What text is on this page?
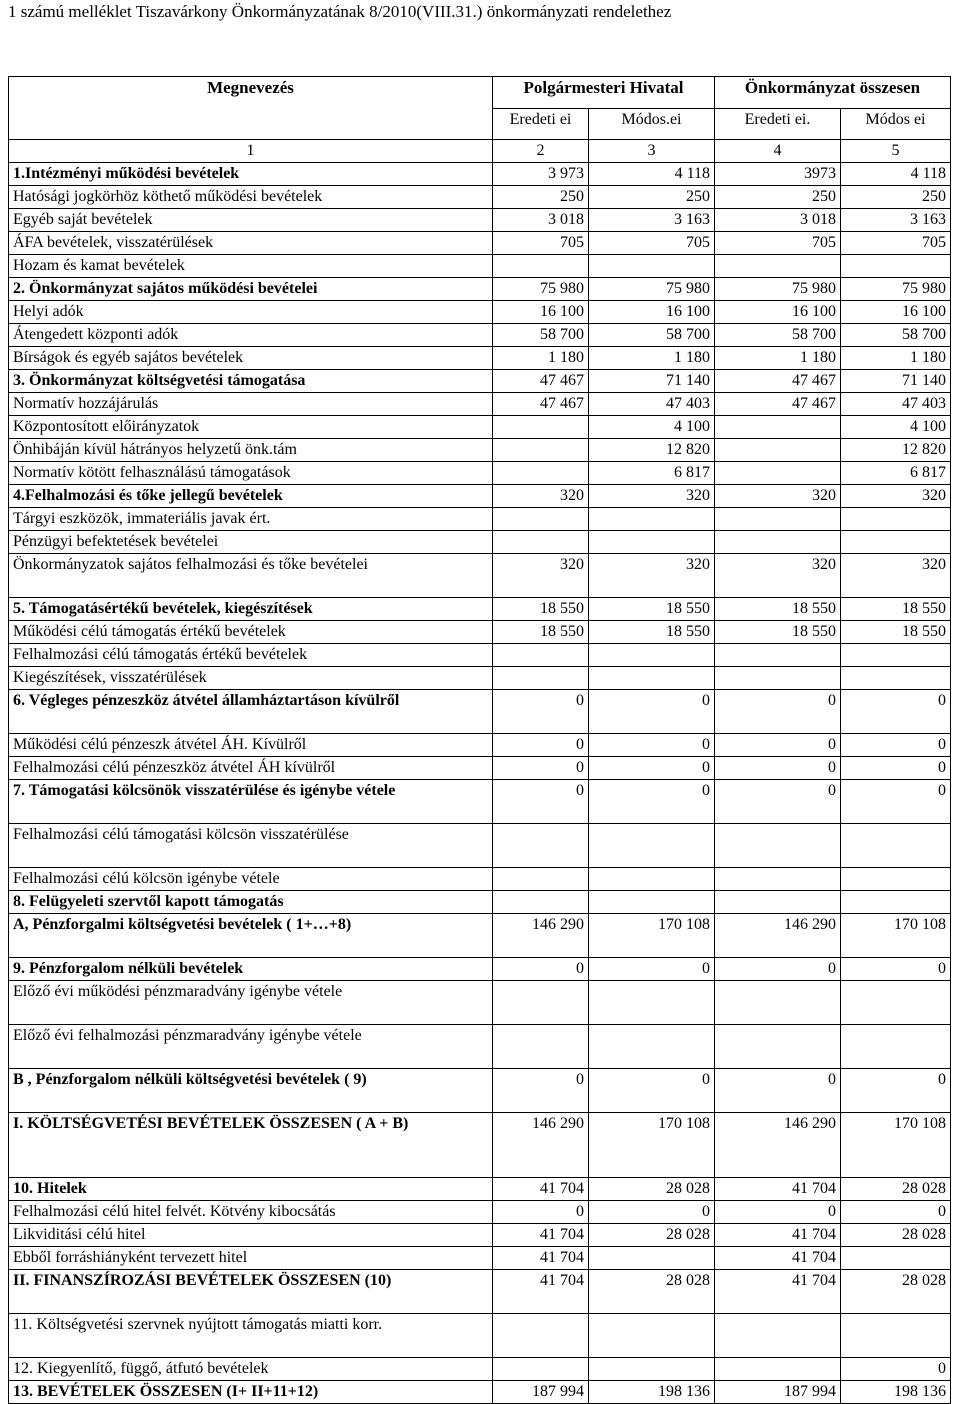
1 számú melléklet Tiszavárkony Önkormányzatának 8/2010(VIII.31.) önkormányzati rendelethez
Megnevezés	Polgármesteri Hivatal		Önkormányzat összesen	
	Eredeti ei	Módos.ei	Eredeti ei.	Módos ei
1	2	3	4	5
1.Intézményi működési bevételek	3 973	4 118	3973	4 118
Hatósági jogkörhöz köthető működési bevételek	250	250	250	250
Egyéb saját bevételek	3 018	3 163	3 018	3 163
ÁFA bevételek, visszatérülések	705	705	705	705
Hozam és kamat bevételek				
2. Önkormányzat sajátos működési bevételei	75 980	75 980	75 980	75 980
Helyi adók	16 100	16 100	16 100	16 100
Átengedett központi adók	58 700	58 700	58 700	58 700
Bírságok és egyéb sajátos bevételek	1 180	1 180	1 180	1 180
3. Önkormányzat költségvetési támogatása	47 467	71 140	47 467	71 140
Normatív hozzájárulás	47 467	47 403	47 467	47 403
Központosított előirányzatok		4 100		4 100
Önhibáján kívül hátrányos helyzetű önk.tám		12 820		12 820
Normatív kötött felhasználású támogatások		6 817		6 817
4.Felhalmozási és tőke jellegű bevételek	320	320	320	320
Tárgyi eszközök, immateriális javak ért.				
Pénzügyi befektetések bevételei				
Önkormányzatok sajátos felhalmozási és tőke bevételei	320	320	320	320
5. Támogatásértékű bevételek, kiegészítések	18 550	18 550	18 550	18 550
Működési célú támogatás értékű bevételek	18 550	18 550	18 550	18 550
Felhalmozási célú támogatás értékű bevételek				
Kiegészítések, visszatérülések				
6. Végleges pénzeszköz átvétel államháztartáson kívülről	0	0	0	0
Működési célú pénzeszk átvétel ÁH. Kívülről	0	0	0	0
Felhalmozási célú pénzeszköz átvétel ÁH kívülről	0	0	0	0
7. Támogatási kölcsönök visszatérülése és igénybe vétele	0	0	0	0
Felhalmozási célú támogatási kölcsön visszatérülése				
Felhalmozási célú kölcsön igénybe vétele				
8. Felügyeleti szervtől kapott támogatás				
A, Pénzforgalmi költségvetési bevételek ( 1+…+8)	146 290	170 108	146 290	170 108
9. Pénzforgalom nélküli bevételek	0	0	0	0
Előző évi működési pénzmaradvány igénybe vétele				
Előző évi felhalmozási pénzmaradvány igénybe vétele				
B , Pénzforgalom nélküli költségvetési bevételek ( 9)	0	0	0	0
I. KÖLTSÉGVETÉSI BEVÉTELEK ÖSSZESEN ( A + B)	146 290	170 108	146 290	170 108
10. Hitelek	41 704	28 028	41 704	28 028
Felhalmozási célú hitel felvét. Kötvény kibocsátás	0	0	0	0
Likviditási célú hitel	41 704	28 028	41 704	28 028
Ebből forráshiányként tervezett hitel	41 704		41 704	
II. FINANSZÍROZÁSI BEVÉTELEK ÖSSZESEN (10)	41 704	28 028	41 704	28 028
11. Költségvetési szervnek nyújtott támogatás miatti korr.				
12. Kiegyenlítő, függő, átfutó bevételek				0
13. BEVÉTELEK ÖSSZESEN (I+ II+11+12)	187 994	198 136	187 994	198 136
